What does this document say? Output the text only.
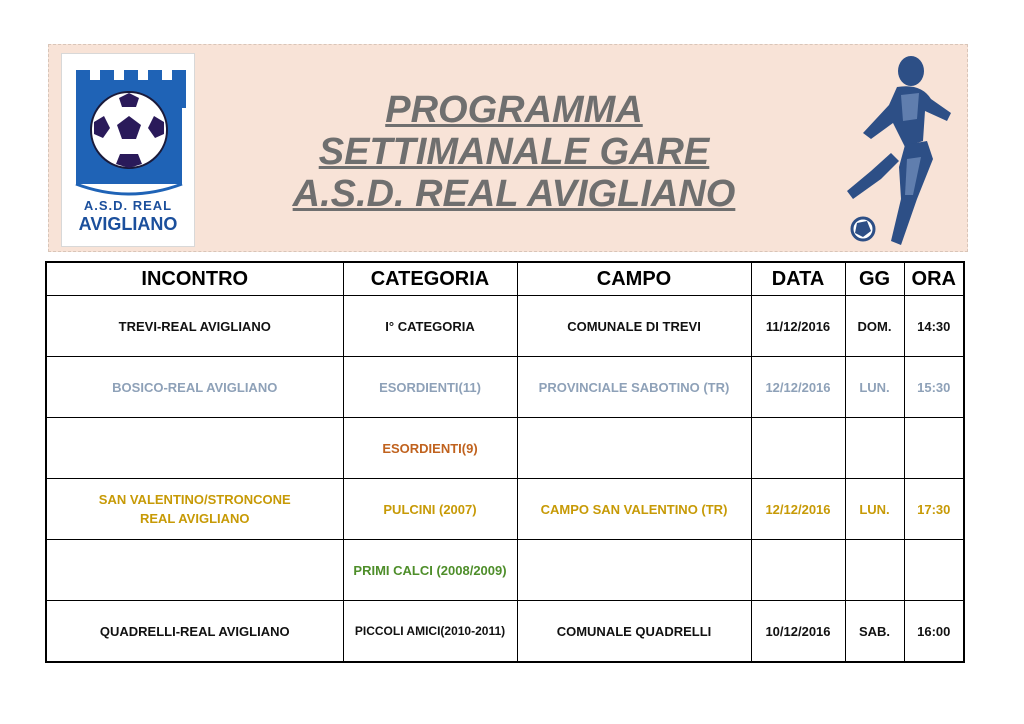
A.S.D. REAL
AVIGLIANO
PROGRAMMA
SETTIMANALE GARE
A.S.D. REAL AVIGLIANO
INCONTRO	CATEGORIA	CAMPO	DATA	GG	ORA
TREVI-REAL AVIGLIANO	I° CATEGORIA	COMUNALE DI TREVI	11/12/2016	DOM.	14:30
BOSICO-REAL AVIGLIANO	ESORDIENTI(11)	PROVINCIALE SABOTINO (TR)	12/12/2016	LUN.	15:30
	ESORDIENTI(9)				

SAN VALENTINO/STRONCONE
REAL AVIGLIANO	PULCINI (2007)	CAMPO SAN VALENTINO (TR)	12/12/2016	LUN.	17:30
	PRIMI CALCI (2008/2009)				
QUADRELLI-REAL AVIGLIANO	PICCOLI AMICI(2010-2011)	COMUNALE QUADRELLI	10/12/2016	SAB.	16:00
